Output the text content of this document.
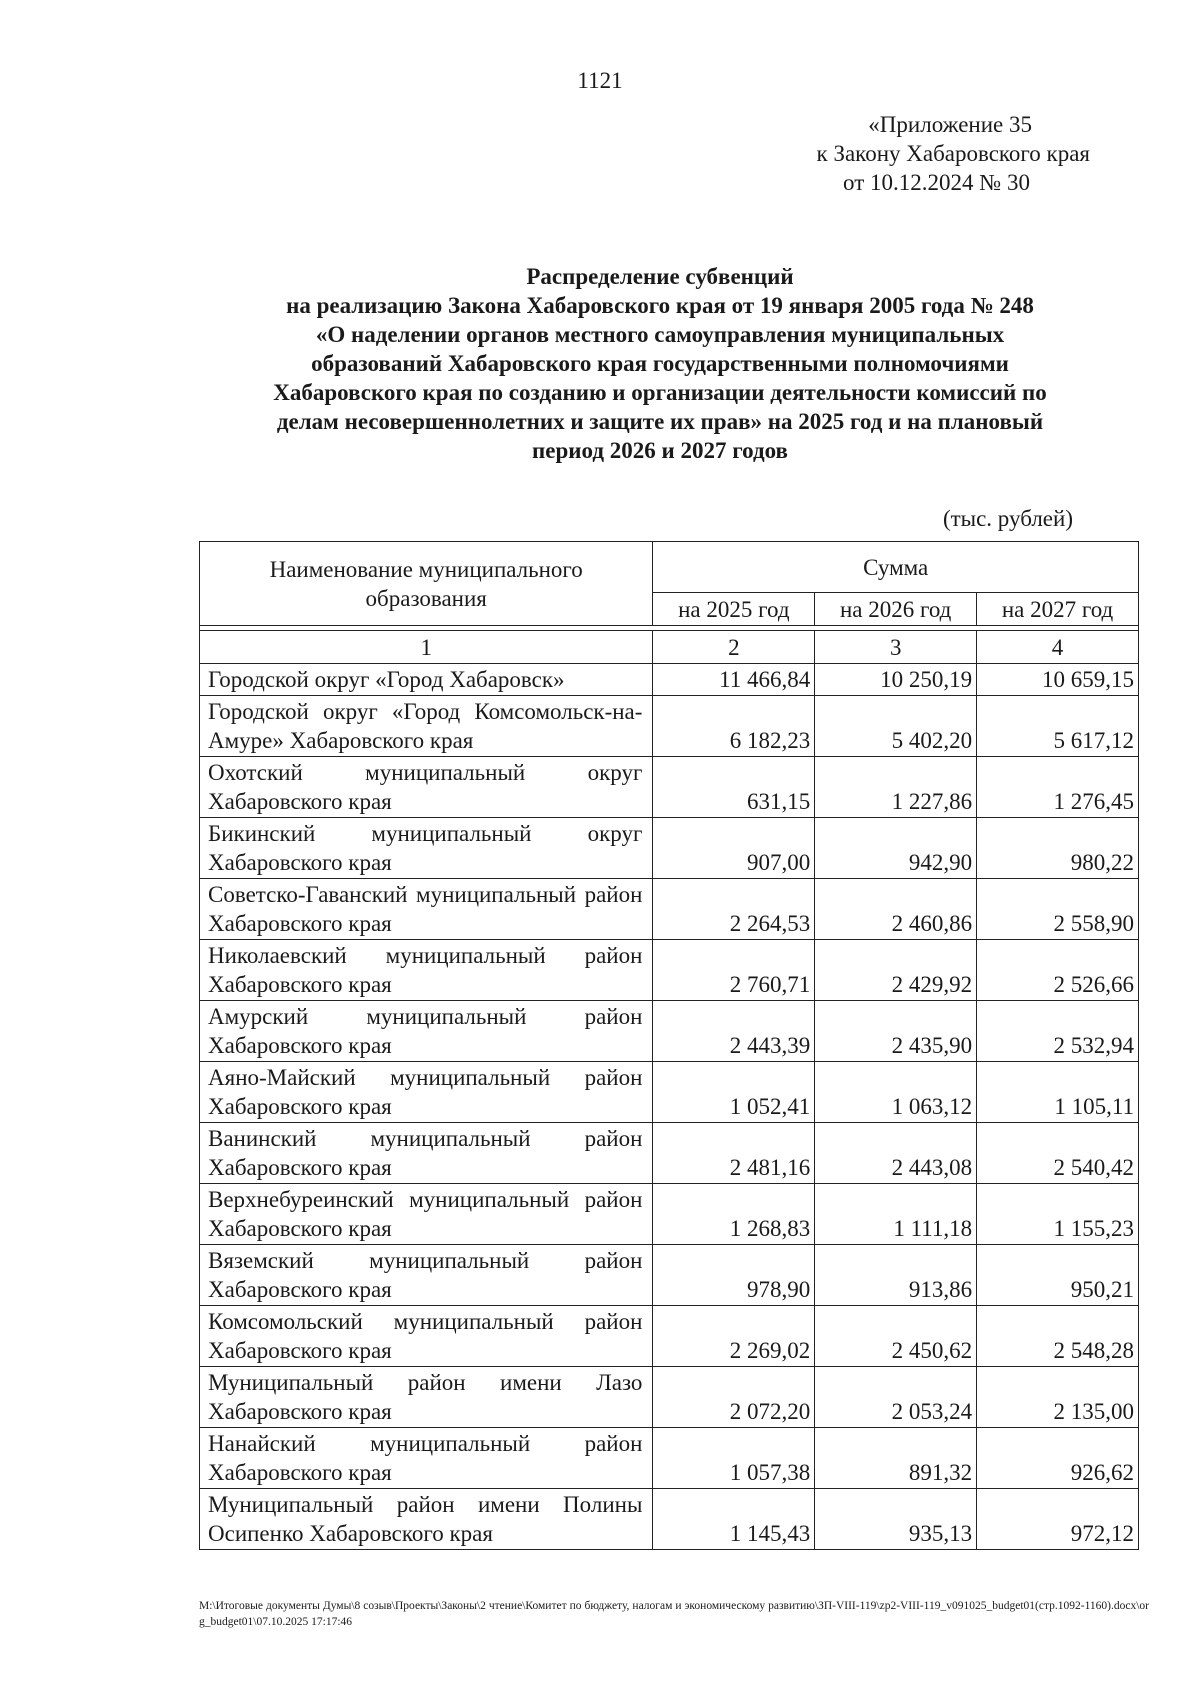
1121
«Приложение 35
к Закону Хабаровского края
от 10.12.2024 № 30
Распределение субвенций
на реализацию Закона Хабаровского края от 19 января 2005 года № 248
«О наделении органов местного самоуправления муниципальных
образований Хабаровского края государственными полномочиями
Хабаровского края по созданию и организации деятельности комиссий по
делам несовершеннолетних и защите их прав» на 2025 год и на плановый
период 2026 и 2027 годов
(тыс. рублей)
Наименование муниципального образования	Сумма		
	на 2025 год	на 2026 год	на 2027 год

1	2	3	4
Городской округ «Город Хабаровск»	11 466,84	10 250,19	10 659,15
Городской округ «Город Комсомольск-на-Амуре» Хабаровского края	6 182,23	5 402,20	5 617,12
Охотский муниципальный округ Хабаровского края	631,15	1 227,86	1 276,45
Бикинский муниципальный округ Хабаровского края	907,00	942,90	980,22
Советско-Гаванский муниципальный район Хабаровского края	2 264,53	2 460,86	2 558,90
Николаевский муниципальный район Хабаровского края	2 760,71	2 429,92	2 526,66
Амурский муниципальный район Хабаровского края	2 443,39	2 435,90	2 532,94
Аяно-Майский муниципальный район Хабаровского края	1 052,41	1 063,12	1 105,11
Ванинский муниципальный район Хабаровского края	2 481,16	2 443,08	2 540,42
Верхнебуреинский муниципальный район Хабаровского края	1 268,83	1 111,18	1 155,23
Вяземский муниципальный район Хабаровского края	978,90	913,86	950,21
Комсомольский муниципальный район Хабаровского края	2 269,02	2 450,62	2 548,28
Муниципальный район имени Лазо Хабаровского края	2 072,20	2 053,24	2 135,00
Нанайский муниципальный район Хабаровского края	1 057,38	891,32	926,62
Муниципальный район имени Полины Осипенко Хабаровского края	1 145,43	935,13	972,12
M:\Итоговые документы Думы\8 созыв\Проекты\Законы\2 чтение\Комитет по бюджету, налогам и экономическому развитию\ЗП-VIII-119\zp2-VIII-119_v091025_budget01(стр.1092-1160).docx\org_budget01\07.10.2025 17:17:46
